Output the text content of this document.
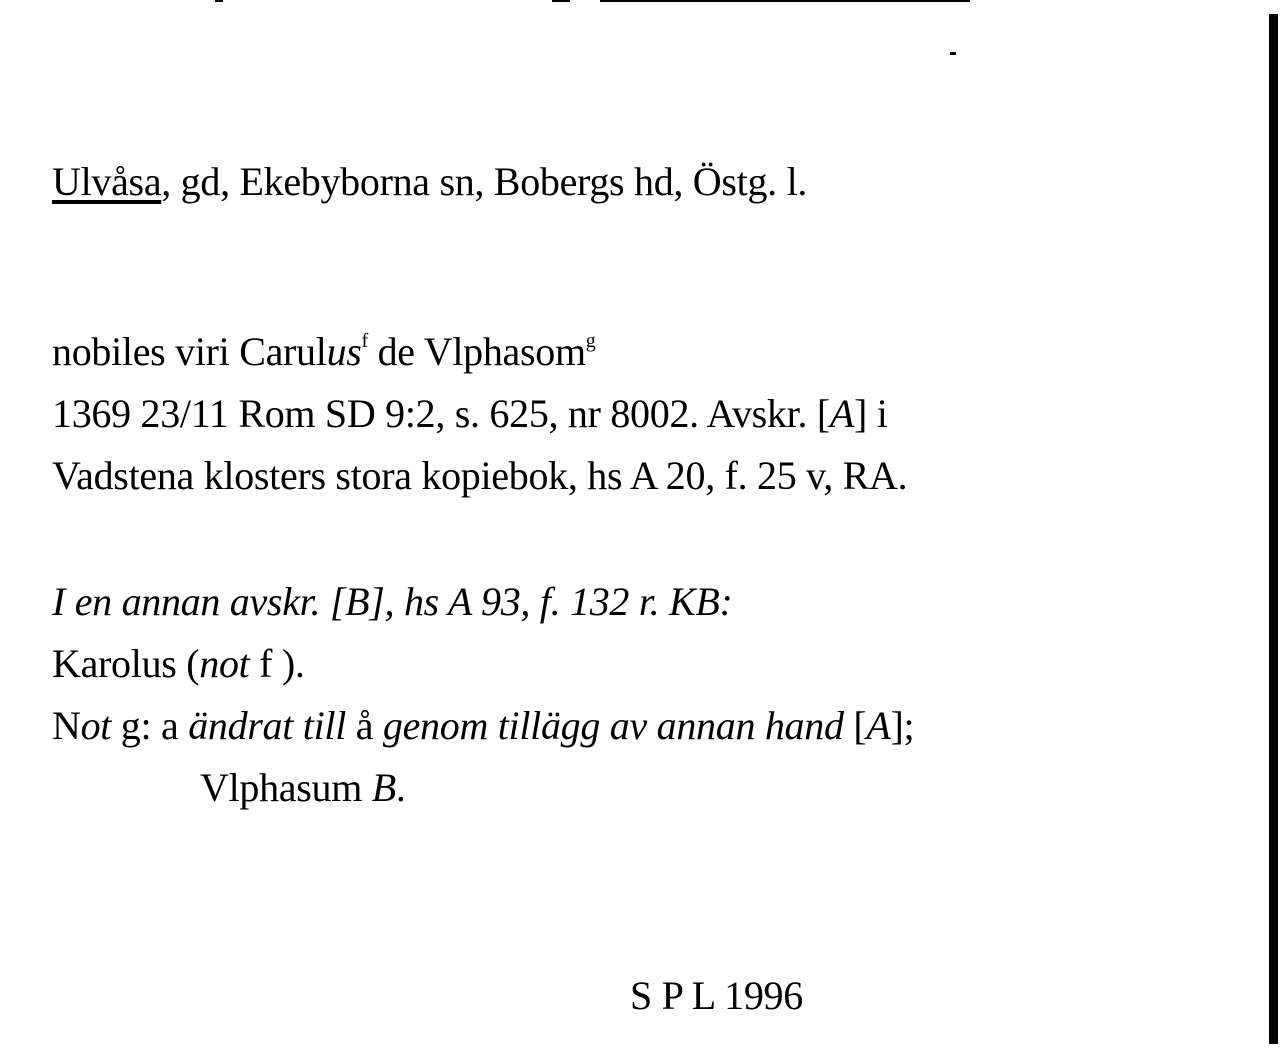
Ulvåsa, gd, Ekebyborna sn, Bobergs hd, Östg. l.
nobiles viri Carulus$^f$ de Vlphasom$^g$
1369 23/11 Rom SD 9:2, s. 625, nr 8002. Avskr. [A] i
Vadstena klosters stora kopiebok, hs A 20, f. 25 v, RA.
I en annan avskr. [B], hs A 93, f. 132 r. KB:
Karolus (not f ).
Not g: a ändrat till å genom tillägg av annan hand [A];
Vlphasum B.
S P L 1996
